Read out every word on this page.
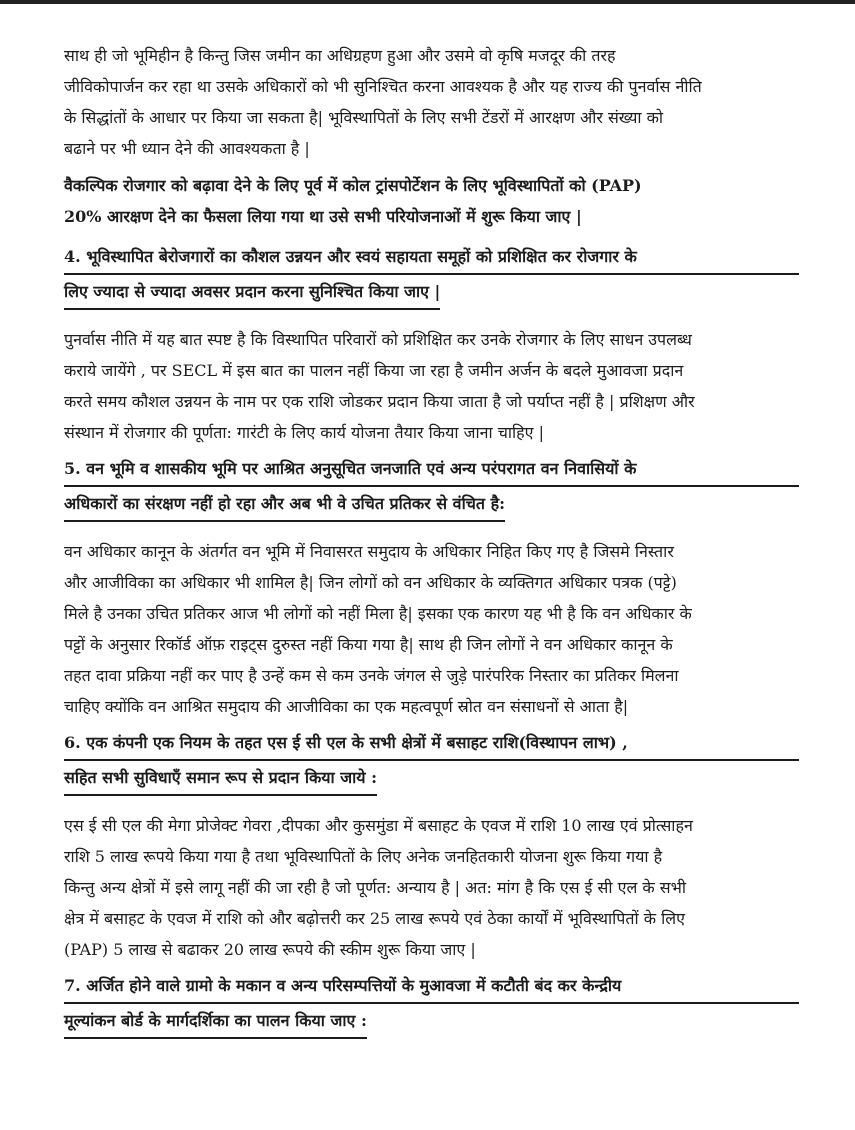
साथ ही जो भूमिहीन है किन्तु जिस जमीन का अधिग्रहण हुआ और उसमे वो कृषि मजदूर की तरह
जीविकोपार्जन कर रहा था उसके अधिकारों को भी सुनिश्चित करना आवश्यक है और यह राज्य की पुनर्वास नीति
के सिद्धांतों के आधार पर किया जा सकता है| भूविस्थापितों के लिए सभी टेंडरों में आरक्षण और संख्या को
बढाने पर भी ध्यान देने की आवश्यकता है |

वैकल्पिक रोजगार को बढ़ावा देने के लिए पूर्व में कोल ट्रांसपोर्टेशन के लिए भूविस्थापितों को (PAP)
20% आरक्षण देने का फैसला लिया गया था उसे सभी परियोजनाओं में शुरू किया जाए |

4. भूविस्थापित बेरोजगारों का कौशल उन्नयन और स्वयं सहायता समूहों को प्रशिक्षित कर रोजगार के
लिए ज्यादा से ज्यादा अवसर प्रदान करना सुनिश्चित किया जाए |

पुनर्वास नीति में यह बात स्पष्ट है कि विस्थापित परिवारों को प्रशिक्षित कर उनके रोजगार के लिए साधन उपलब्ध
कराये जायेंगे , पर SECL में इस बात का पालन नहीं किया जा रहा है जमीन अर्जन के बदले मुआवजा प्रदान
करते समय कौशल उन्नयन के नाम पर एक राशि जोडकर प्रदान किया जाता है जो पर्याप्त नहीं है | प्रशिक्षण और
संस्थान में रोजगार की पूर्णता: गारंटी के लिए कार्य योजना तैयार किया जाना चाहिए |

5. वन भूमि व शासकीय भूमि पर आश्रित अनुसूचित जनजाति एवं अन्य परंपरागत वन निवासियों के
अधिकारों का संरक्षण नहीं हो रहा और अब भी वे उचित प्रतिकर से वंचित है:

वन अधिकार कानून के अंतर्गत वन भूमि में निवासरत समुदाय के अधिकार निहित किए गए है जिसमे निस्तार
और आजीविका का अधिकार भी शामिल है| जिन लोगों को वन अधिकार के व्यक्तिगत अधिकार पत्रक (पट्टे)
मिले है उनका उचित प्रतिकर आज भी लोगों को नहीं मिला है| इसका एक कारण यह भी है कि वन अधिकार के
पट्टों के अनुसार रिकॉर्ड ऑफ़ राइट्स दुरुस्त नहीं किया गया है| साथ ही जिन लोगों ने वन अधिकार कानून के
तहत दावा प्रक्रिया नहीं कर पाए है उन्हें कम से कम उनके जंगल से जुड़े पारंपरिक निस्तार का प्रतिकर मिलना
चाहिए क्योंकि वन आश्रित समुदाय की आजीविका का एक महत्वपूर्ण स्रोत वन संसाधनों से आता है|

6. एक कंपनी एक नियम के तहत एस ई सी एल के सभी क्षेत्रों में बसाहट राशि(विस्थापन लाभ) ,
सहित सभी सुविधाएँ समान रूप से प्रदान किया जाये :

एस ई सी एल की मेगा प्रोजेक्ट गेवरा ,दीपका और कुसमुंडा में बसाहट के एवज में राशि 10 लाख एवं प्रोत्साहन
राशि 5 लाख रूपये किया गया है तथा भूविस्थापितों के लिए अनेक जनहितकारी योजना शुरू किया गया है
किन्तु अन्य क्षेत्रों में इसे लागू नहीं की जा रही है जो पूर्णत: अन्याय है | अत: मांग है कि एस ई सी एल के सभी
क्षेत्र में बसाहट के एवज में राशि को और बढ़ोत्तरी कर 25 लाख रूपये एवं ठेका कार्यों में भूविस्थापितों के लिए
(PAP) 5 लाख से बढाकर 20 लाख रूपये की स्कीम शुरू किया जाए |

7. अर्जित होने वाले ग्रामो के मकान व अन्य परिसम्पत्तियों के मुआवजा में कटौती बंद कर केन्द्रीय
मूल्यांकन बोर्ड के मार्गदर्शिका का पालन किया जाए :
